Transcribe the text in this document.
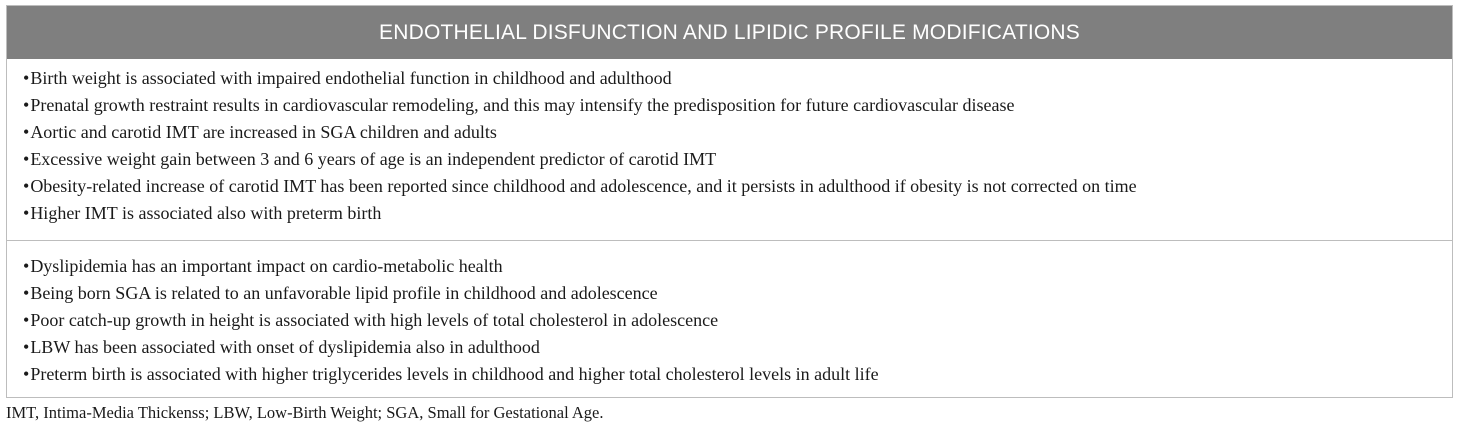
ENDOTHELIAL DISFUNCTION AND LIPIDIC PROFILE MODIFICATIONS
•Birth weight is associated with impaired endothelial function in childhood and adulthood
•Prenatal growth restraint results in cardiovascular remodeling, and this may intensify the predisposition for future cardiovascular disease
•Aortic and carotid IMT are increased in SGA children and adults
•Excessive weight gain between 3 and 6 years of age is an independent predictor of carotid IMT
•Obesity-related increase of carotid IMT has been reported since childhood and adolescence, and it persists in adulthood if obesity is not corrected on time
•Higher IMT is associated also with preterm birth
•Dyslipidemia has an important impact on cardio-metabolic health
•Being born SGA is related to an unfavorable lipid profile in childhood and adolescence
•Poor catch-up growth in height is associated with high levels of total cholesterol in adolescence
•LBW has been associated with onset of dyslipidemia also in adulthood
•Preterm birth is associated with higher triglycerides levels in childhood and higher total cholesterol levels in adult life
IMT, Intima-Media Thickenss; LBW, Low-Birth Weight; SGA, Small for Gestational Age.
